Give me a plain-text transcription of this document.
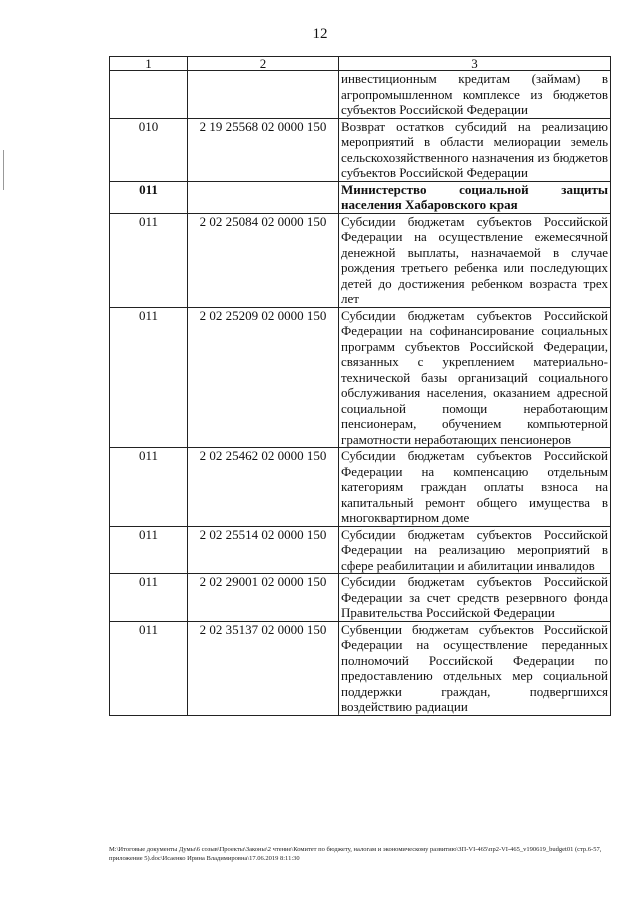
12
1	2	3
		инвестиционным кредитам (займам) в агропромышленном комплексе из бюджетов субъектов Российской Федерации
010	2 19 25568 02 0000 150	Возврат остатков субсидий на реализацию мероприятий в области мелиорации земель сельскохозяйственного назначения из бюджетов субъектов Российской Федерации
011		Министерство социальной защиты населения Хабаровского края
011	2 02 25084 02 0000 150	Субсидии бюджетам субъектов Российской Федерации на осуществление ежемесячной денежной выплаты, назначаемой в случае рождения третьего ребенка или последующих детей до достижения ребенком возраста трех лет
011	2 02 25209 02 0000 150	Субсидии бюджетам субъектов Российской Федерации на софинансирование социальных программ субъектов Российской Федерации, связанных с укреплением материально-технической базы организаций социального обслуживания населения, оказанием адресной социальной помощи неработающим пенсионерам, обучением компьютерной грамотности неработающих пенсионеров
011	2 02 25462 02 0000 150	Субсидии бюджетам субъектов Российской Федерации на компенсацию отдельным категориям граждан оплаты взноса на капитальный ремонт общего имущества в многоквартирном доме
011	2 02 25514 02 0000 150	Субсидии бюджетам субъектов Российской Федерации на реализацию мероприятий в сфере реабилитации и абилитации инвалидов
011	2 02 29001 02 0000 150	Субсидии бюджетам субъектов Российской Федерации за счет средств резервного фонда Правительства Российской Федерации
011	2 02 35137 02 0000 150	Субвенции бюджетам субъектов Российской Федерации на осуществление переданных полномочий Российской Федерации по предоставлению отдельных мер социальной поддержки граждан, подвергшихся воздействию радиации
M:\Итоговые документы Думы\6 созыв\Проекты\Законы\2 чтение\Комитет по бюджету, налогам и экономическому развитию\ЗП-VI-465\пр2-VI-465_v190619_budget01 (стр.6-57, приложение 5).doc\Исаенко Ирина Владимировна\17.06.2019 8:11:30
